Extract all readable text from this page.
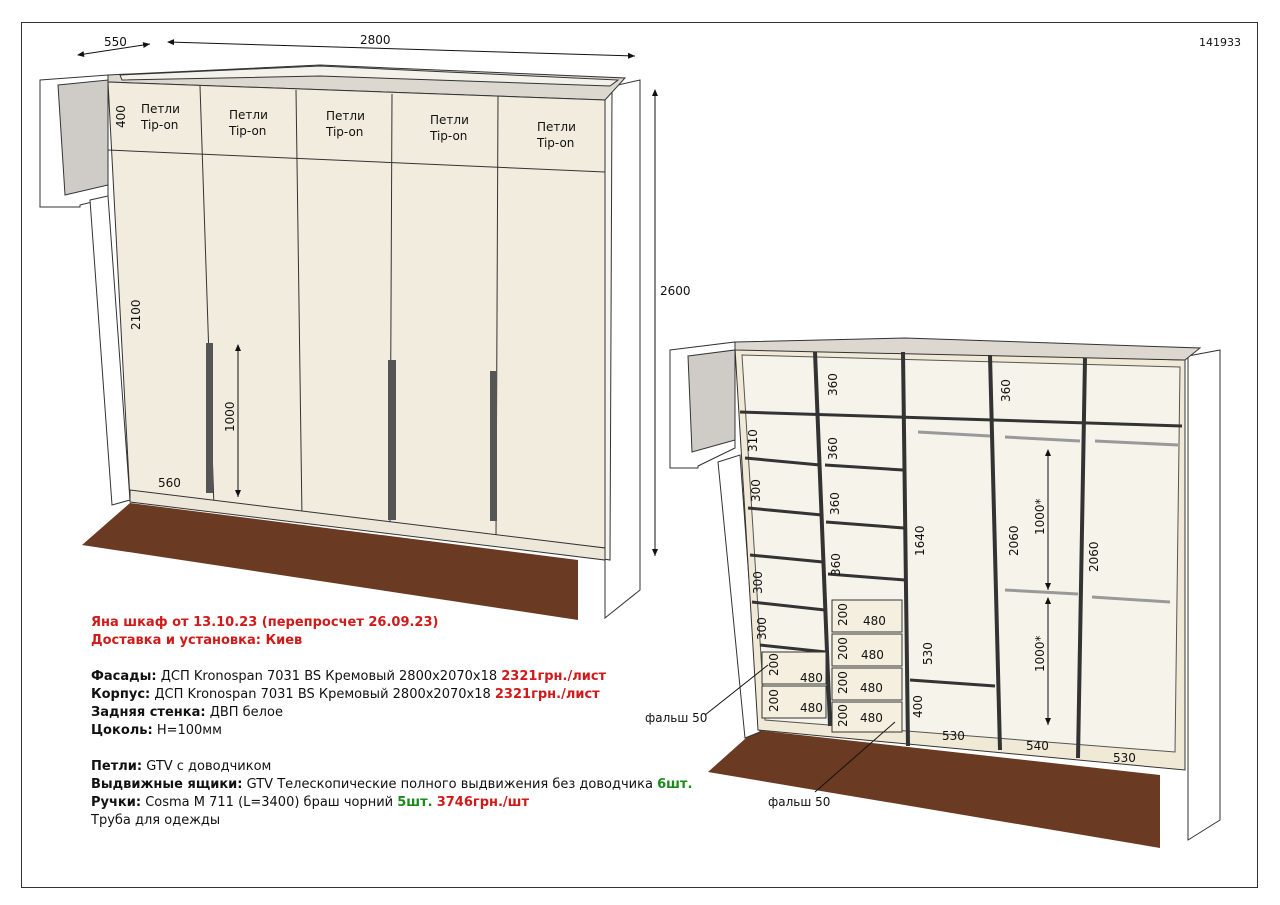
141933
Петли
Tip-on
Петли
Tip-on
Петли
Tip-on
Петли
Tip-on
Петли
Tip-on
550	2800
2600
400
2100
1000
560
360	360
310	360
300
360
300
360
300
1640	2060
2060
1000*
1000*
530
400
530
540
530
200
480
200 480
200 480
200 480
200 480
200 480
фальш 50
фальш 50
Яна шкаф от 13.10.23 (перепросчет 26.09.23)
Доставка и установка: Киев
Фасады: ДСП Kronospan 7031 BS Кремовый 2800x2070x18 2321грн./лист
Корпус: ДСП Kronospan 7031 BS Кремовый 2800x2070x18 2321грн./лист
Задняя стенка: ДВП белое
Цоколь: H=100мм
Петли: GTV с доводчиком
Выдвижные ящики: GTV Телескопические полного выдвижения без доводчика 6шт.
Ручки: Cosma M 711 (L=3400) браш чорний 5шт. 3746грн./шт
Труба для одежды
